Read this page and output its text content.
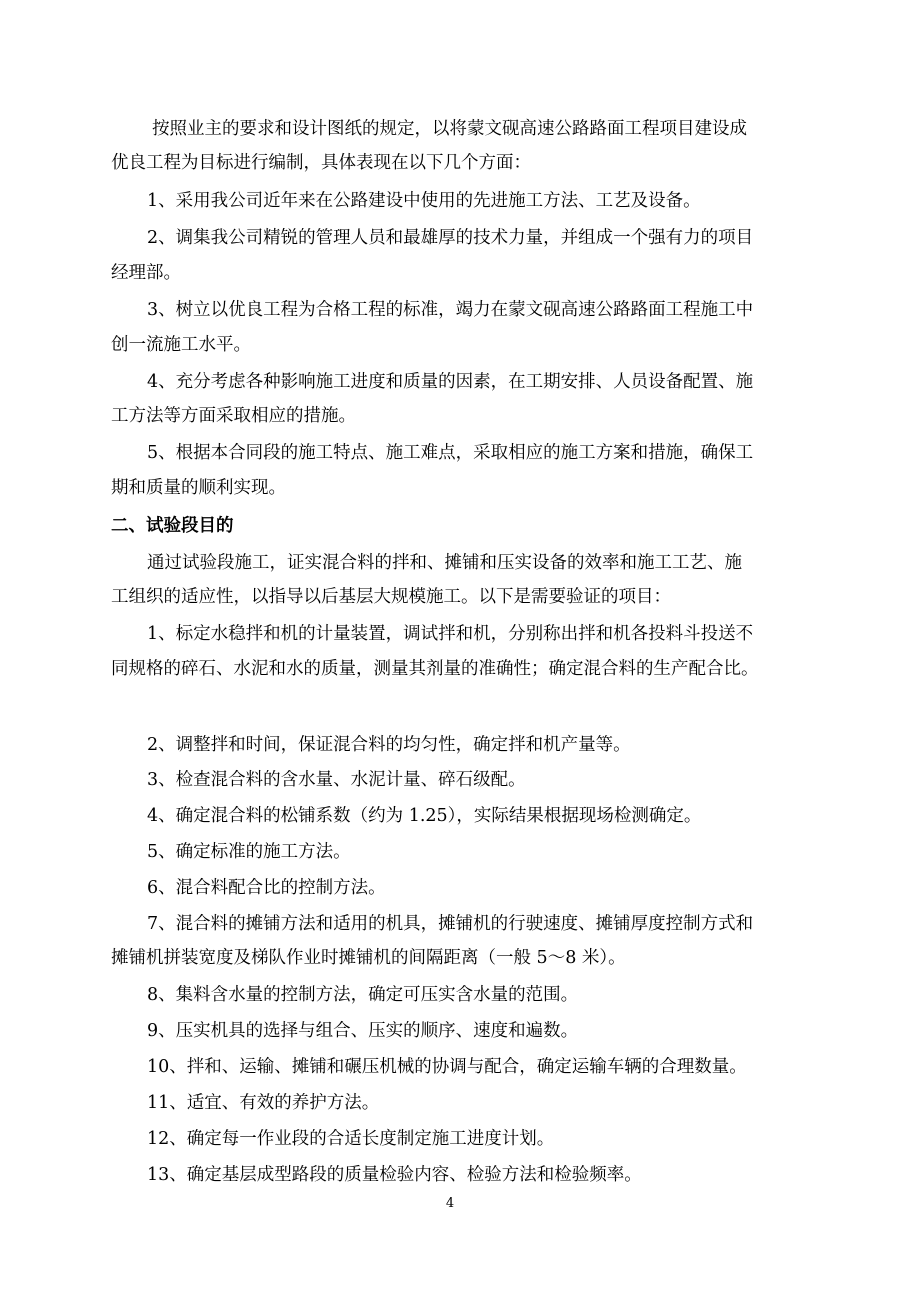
按照业主的要求和设计图纸的规定，以将蒙文砚高速公路路面工程项目建设成
优良工程为目标进行编制，具体表现在以下几个方面：
1、采用我公司近年来在公路建设中使用的先进施工方法、工艺及设备。
2、调集我公司精锐的管理人员和最雄厚的技术力量，并组成一个强有力的项目
经理部。
3、树立以优良工程为合格工程的标准，竭力在蒙文砚高速公路路面工程施工中
创一流施工水平。
4、充分考虑各种影响施工进度和质量的因素，在工期安排、人员设备配置、施
工方法等方面采取相应的措施。
5、根据本合同段的施工特点、施工难点，采取相应的施工方案和措施，确保工
期和质量的顺利实现。
二、试验段目的
通过试验段施工，证实混合料的拌和、摊铺和压实设备的效率和施工工艺、施
工组织的适应性，以指导以后基层大规模施工。以下是需要验证的项目：
1、标定水稳拌和机的计量装置，调试拌和机，分别称出拌和机各投料斗投送不
同规格的碎石、水泥和水的质量，测量其剂量的准确性；确定混合料的生产配合比。
2、调整拌和时间，保证混合料的均匀性，确定拌和机产量等。
3、检查混合料的含水量、水泥计量、碎石级配。
4、确定混合料的松铺系数（约为 1.25），实际结果根据现场检测确定。
5、确定标准的施工方法。
6、混合料配合比的控制方法。
7、混合料的摊铺方法和适用的机具，摊铺机的行驶速度、摊铺厚度控制方式和
摊铺机拼装宽度及梯队作业时摊铺机的间隔距离（一般 5～8 米）。
8、集料含水量的控制方法，确定可压实含水量的范围。
9、压实机具的选择与组合、压实的顺序、速度和遍数。
10、拌和、运输、摊铺和碾压机械的协调与配合，确定运输车辆的合理数量。
11、适宜、有效的养护方法。
12、确定每一作业段的合适长度制定施工进度计划。
13、确定基层成型路段的质量检验内容、检验方法和检验频率。
4
